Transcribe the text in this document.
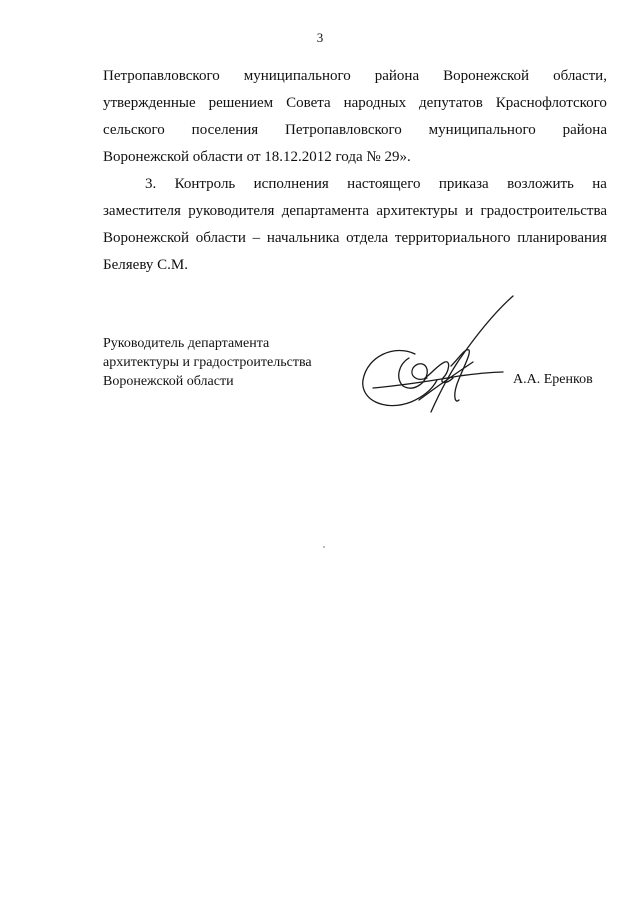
3
Петропавловского муниципального района Воронежской области,
утвержденные решением Совета народных депутатов Краснофлотского
сельского поселения Петропавловского муниципального района
Воронежской области от 18.12.2012 года № 29».
3. Контроль исполнения настоящего приказа возложить на
заместителя руководителя департамента архитектуры и градостроительства
Воронежской области – начальника отдела территориального планирования
Беляеву С.М.
Руководитель департамента
архитектуры и градостроительства
Воронежской области	А.А. Еренков
